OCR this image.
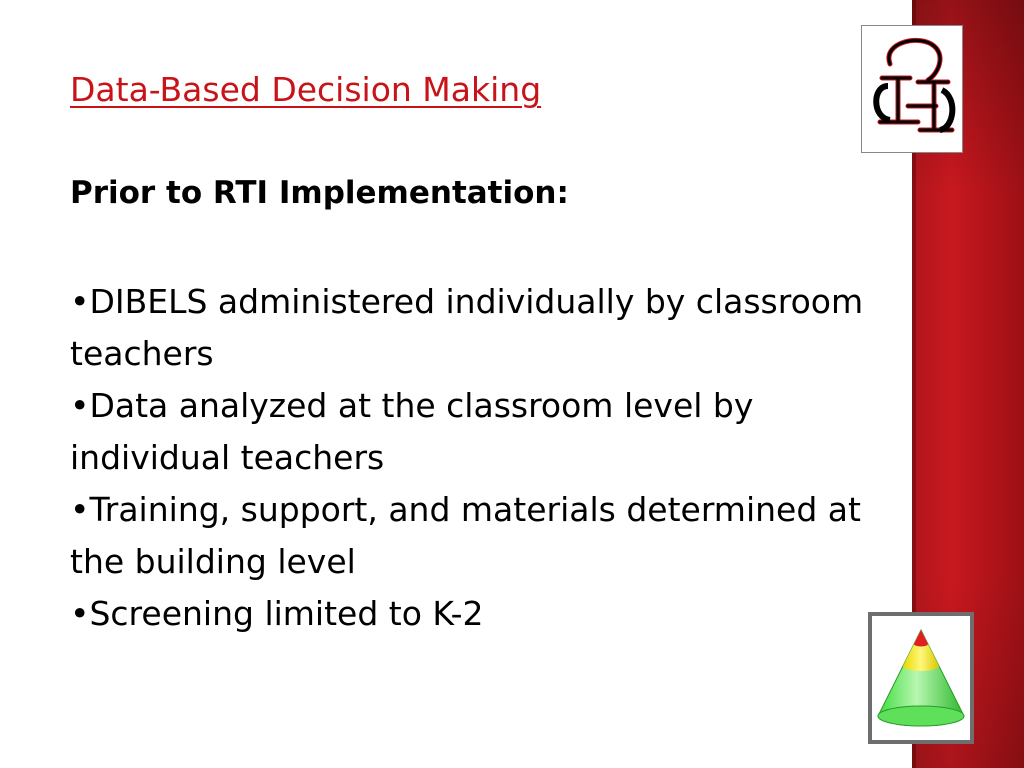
Data-Based Decision Making
Prior to RTI Implementation:
•DIBELS administered individually by classroom teachers
•Data analyzed at the classroom level by individual teachers
•Training, support, and materials determined at the building level
•Screening limited to K-2
